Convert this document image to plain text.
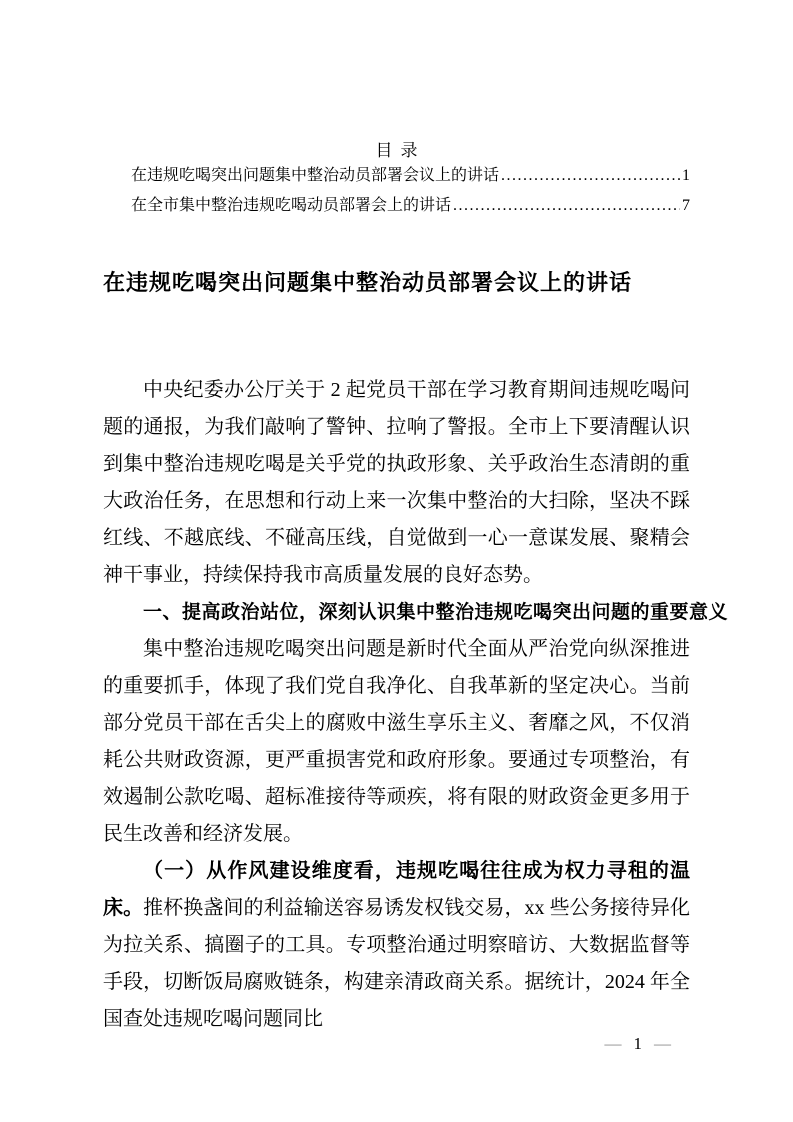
目录
在违规吃喝突出问题集中整治动员部署会议上的讲话 .....	1
在全市集中整治违规吃喝动员部署会上的讲话 .....	7
在违规吃喝突出问题集中整治动员部署会议上的讲话

中央纪委办公厅关于 2 起党员干部在学习教育期间违规吃喝问题的通报，为我们敲响了警钟、拉响了警报。全市上下要清醒认识到集中整治违规吃喝是关乎党的执政形象、关乎政治生态清朗的重大政治任务，在思想和行动上来一次集中整治的大扫除，坚决不踩红线、不越底线、不碰高压线，自觉做到一心一意谋发展、聚精会神干事业，持续保持我市高质量发展的良好态势。

一、提高政治站位，深刻认识集中整治违规吃喝突出问题的重要意义

集中整治违规吃喝突出问题是新时代全面从严治党向纵深推进的重要抓手，体现了我们党自我净化、自我革新的坚定决心。当前部分党员干部在舌尖上的腐败中滋生享乐主义、奢靡之风，不仅消耗公共财政资源，更严重损害党和政府形象。要通过专项整治，有效遏制公款吃喝、超标准接待等顽疾，将有限的财政资金更多用于民生改善和经济发展。

（一）从作风建设维度看，违规吃喝往往成为权力寻租的温床。推杯换盏间的利益输送容易诱发权钱交易，xx 些公务接待异化为拉关系、搞圈子的工具。专项整治通过明察暗访、大数据监督等手段，切断饭局腐败链条，构建亲清政商关系。据统计，2024 年全国查处违规吃喝问题同比

— 1 —
